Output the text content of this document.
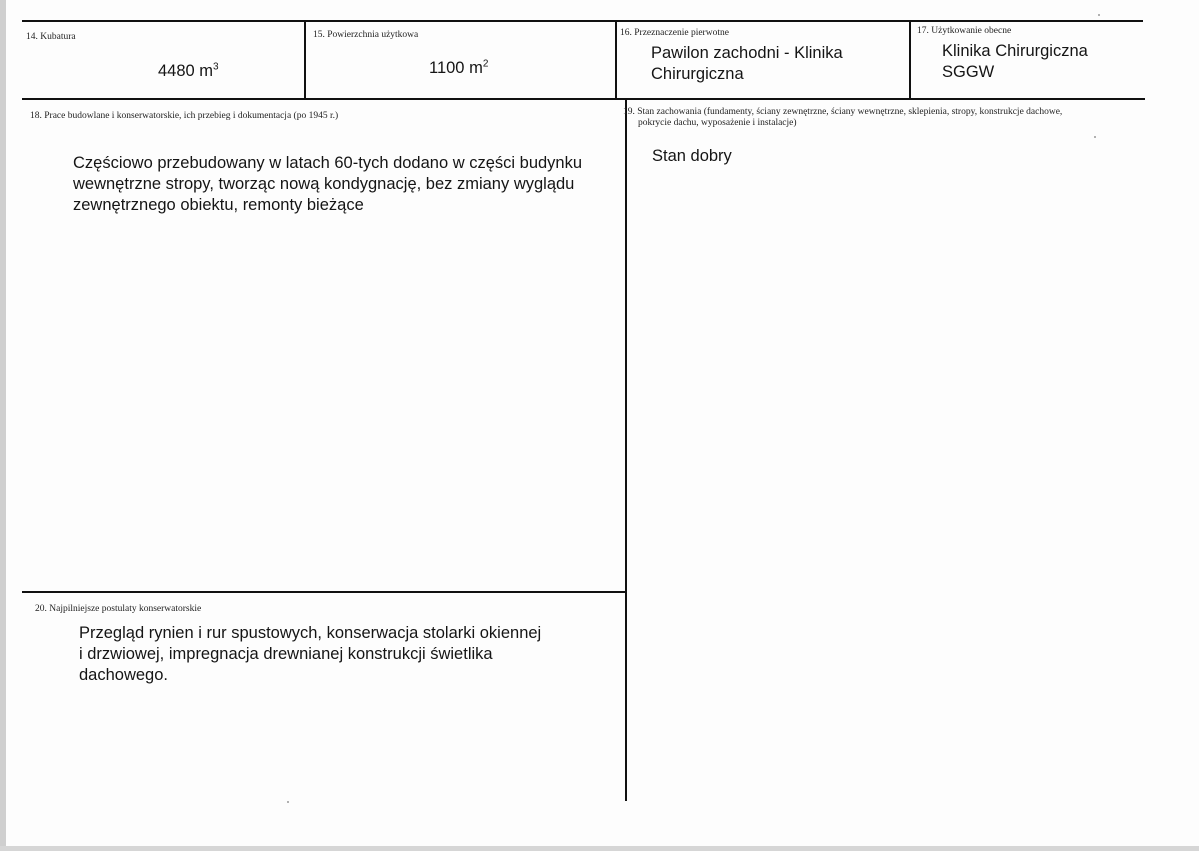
14. Kubatura
4480 $m^3$
15. Powierzchnia użytkowa
1100 $m^2$
16. Przeznaczenie pierwotne
Pawilon zachodni - Klinika
Chirurgiczna
17. Użytkowanie obecne
Klinika Chirurgiczna
SGGW
18. Prace budowlane i konserwatorskie, ich przebieg i dokumentacja (po 1945 r.)
Częściowo przebudowany w latach 60-tych dodano w części budynku
wewnętrzne stropy, tworząc nową kondygnację, bez zmiany wyglądu
zewnętrznego obiektu, remonty bieżące
19. Stan zachowania (fundamenty, ściany zewnętrzne, ściany wewnętrzne, sklepienia, stropy, konstrukcje dachowe,
pokrycie dachu, wyposażenie i instalacje)
Stan dobry
20. Najpilniejsze postulaty konserwatorskie
Przegląd rynien i rur spustowych, konserwacja stolarki okiennej
i drzwiowej, impregnacja drewnianej konstrukcji świetlika
dachowego.
